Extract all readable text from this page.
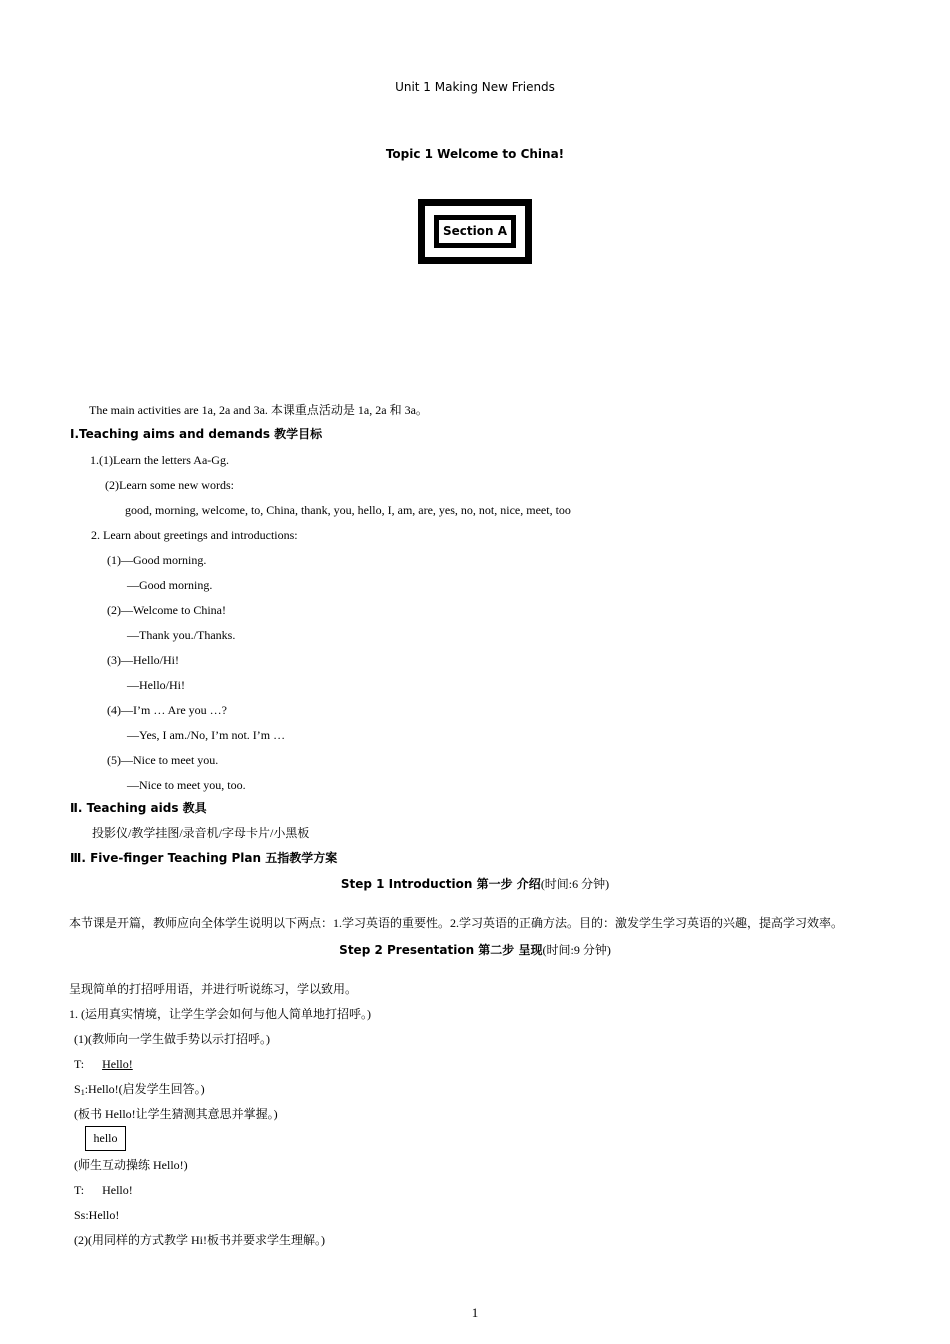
Unit 1 Making New Friends
Topic 1 Welcome to China!
Section A
The main activities are 1a, 2a and 3a. 本课重点活动是 1a, 2a 和 3a。
Ⅰ.Teaching aims and demands 教学目标
1.(1)Learn the letters Aa-Gg.
(2)Learn some new words:
good, morning, welcome, to, China, thank, you, hello, I, am, are, yes, no, not, nice, meet, too
2. Learn about greetings and introductions:
(1)—Good morning.
—Good morning.
(2)—Welcome to China!
—Thank you./Thanks.
(3)—Hello/Hi!
—Hello/Hi!
(4)—I’m … Are you …?
—Yes, I am./No, I’m not. I’m …
(5)—Nice to meet you.
—Nice to meet you, too.
Ⅱ. Teaching aids 教具
投影仪/教学挂图/录音机/字母卡片/小黑板
Ⅲ. Five-finger Teaching Plan 五指教学方案
Step 1 Introduction 第一步 介绍(时间:6 分钟)
本节课是开篇，教师应向全体学生说明以下两点：1.学习英语的重要性。2.学习英语的正确方法。目的：激发学生学习英语的兴趣，提高学习效率。
Step 2 Presentation 第二步 呈现(时间:9 分钟)
呈现简单的打招呼用语，并进行听说练习，学以致用。
1. (运用真实情境，让学生学会如何与他人简单地打招呼。)
(1)(教师向一学生做手势以示打招呼。)
T: Hello!
S1:Hello!(启发学生回答。)
(板书 Hello!让学生猜测其意思并掌握。)
hello
(师生互动操练 Hello!)
T: Hello!
Ss:Hello!
(2)(用同样的方式教学 Hi!板书并要求学生理解。)
1
